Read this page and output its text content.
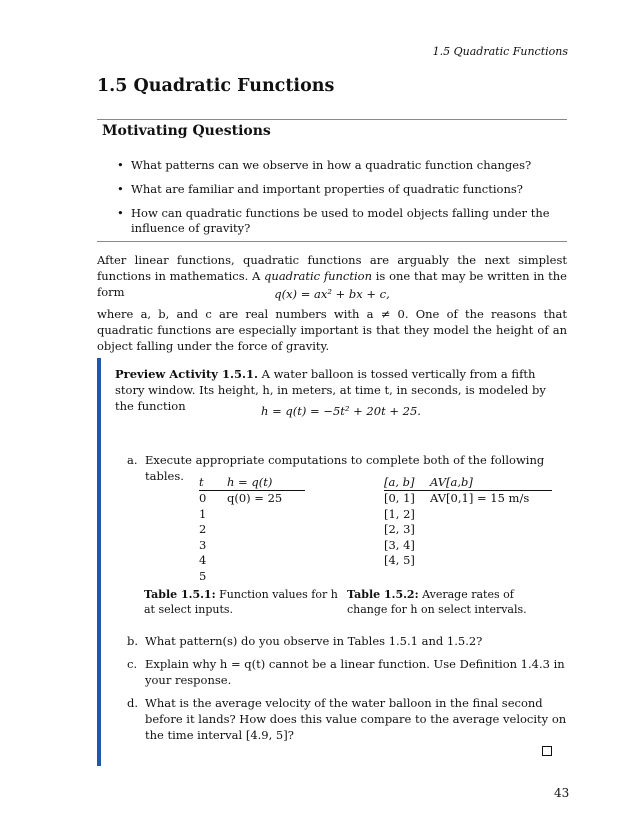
1.5 Quadratic Functions
1.5 Quadratic Functions
Motivating Questions
• What patterns can we observe in how a quadratic function changes?
• What are familiar and important properties of quadratic functions?
• How can quadratic functions be used to model objects falling under the influence of gravity?
After linear functions, quadratic functions are arguably the next simplest functions in mathematics. A quadratic function is one that may be written in the form	q(x) = ax² + bx + c,
where a, b, and c are real numbers with a ≠ 0. One of the reasons that quadratic functions are especially important is that they model the height of an object falling under the force of gravity.
Preview Activity 1.5.1. A water balloon is tossed vertically from a fifth story window. Its height, h, in meters, at time t, in seconds, is modeled by the function	h = q(t) = −5t² + 20t + 25.
a. Execute appropriate computations to complete both of the following tables.	t	h = q(t)
0	q(0) = 25
1	
2	
3	
4	
5	
[a, b]	AV[a,b]
[0, 1]	AV[0,1] = 15 m/s
[1, 2]	
[2, 3]	
[3, 4]	
[4, 5]	
Table 1.5.1: Function values for h at select inputs.
Table 1.5.2: Average rates of change for h on select intervals.
b. What pattern(s) do you observe in Tables 1.5.1 and 1.5.2?
c. Explain why h = q(t) cannot be a linear function. Use Definition 1.4.3 in your response.
d. What is the average velocity of the water balloon in the final second before it lands? How does this value compare to the average velocity on the time interval [4.9, 5]?
43
